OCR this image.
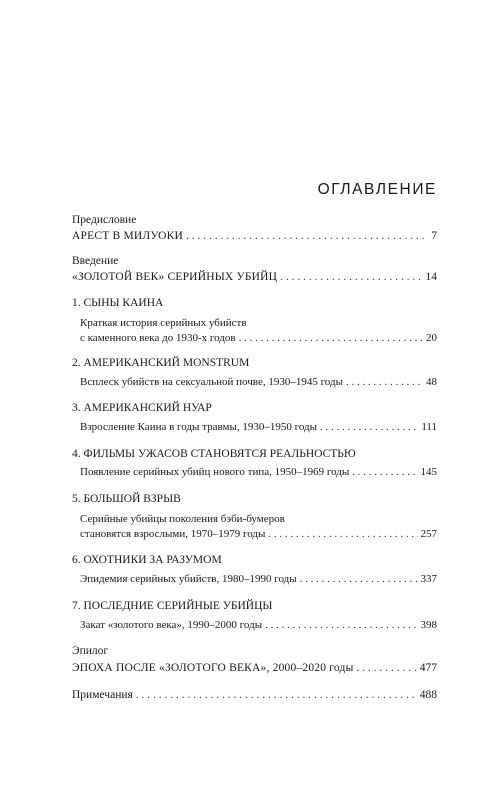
ОГЛАВЛЕНИЕ
Предисловие
АРЕСТ В МИЛУОКИ . . .	7
Введение
«ЗОЛОТОЙ ВЕК» СЕРИЙНЫХ УБИЙЦ . . .	14
1. СЫНЫ КАИНА
Краткая история серийных убийств
с каменного века до 1930-х годов . . .	20
2. АМЕРИКАНСКИЙ MONSTRUM
Всплеск убийств на сексуальной почве, 1930–1945 годы . . .	48
3. АМЕРИКАНСКИЙ НУАР
Взросление Каина в годы травмы, 1930–1950 годы . . .	111
4. ФИЛЬМЫ УЖАСОВ СТАНОВЯТСЯ РЕАЛЬНОСТЬЮ
Появление серийных убийц нового типа, 1950–1969 годы . . .	145
5. БОЛЬШОЙ ВЗРЫВ
Серийные убийцы поколения бэби-бумеров
становятся взрослыми, 1970–1979 годы . . .	257
6. ОХОТНИКИ ЗА РАЗУМОМ
Эпидемия серийных убийств, 1980–1990 годы . . .	337
7. ПОСЛЕДНИЕ СЕРИЙНЫЕ УБИЙЦЫ
Закат «золотого века», 1990–2000 годы . . .	398
Эпилог
ЭПОХА ПОСЛЕ «ЗОЛОТОГО ВЕКА», 2000–2020 годы . . .	477
Примечания . . .	488
